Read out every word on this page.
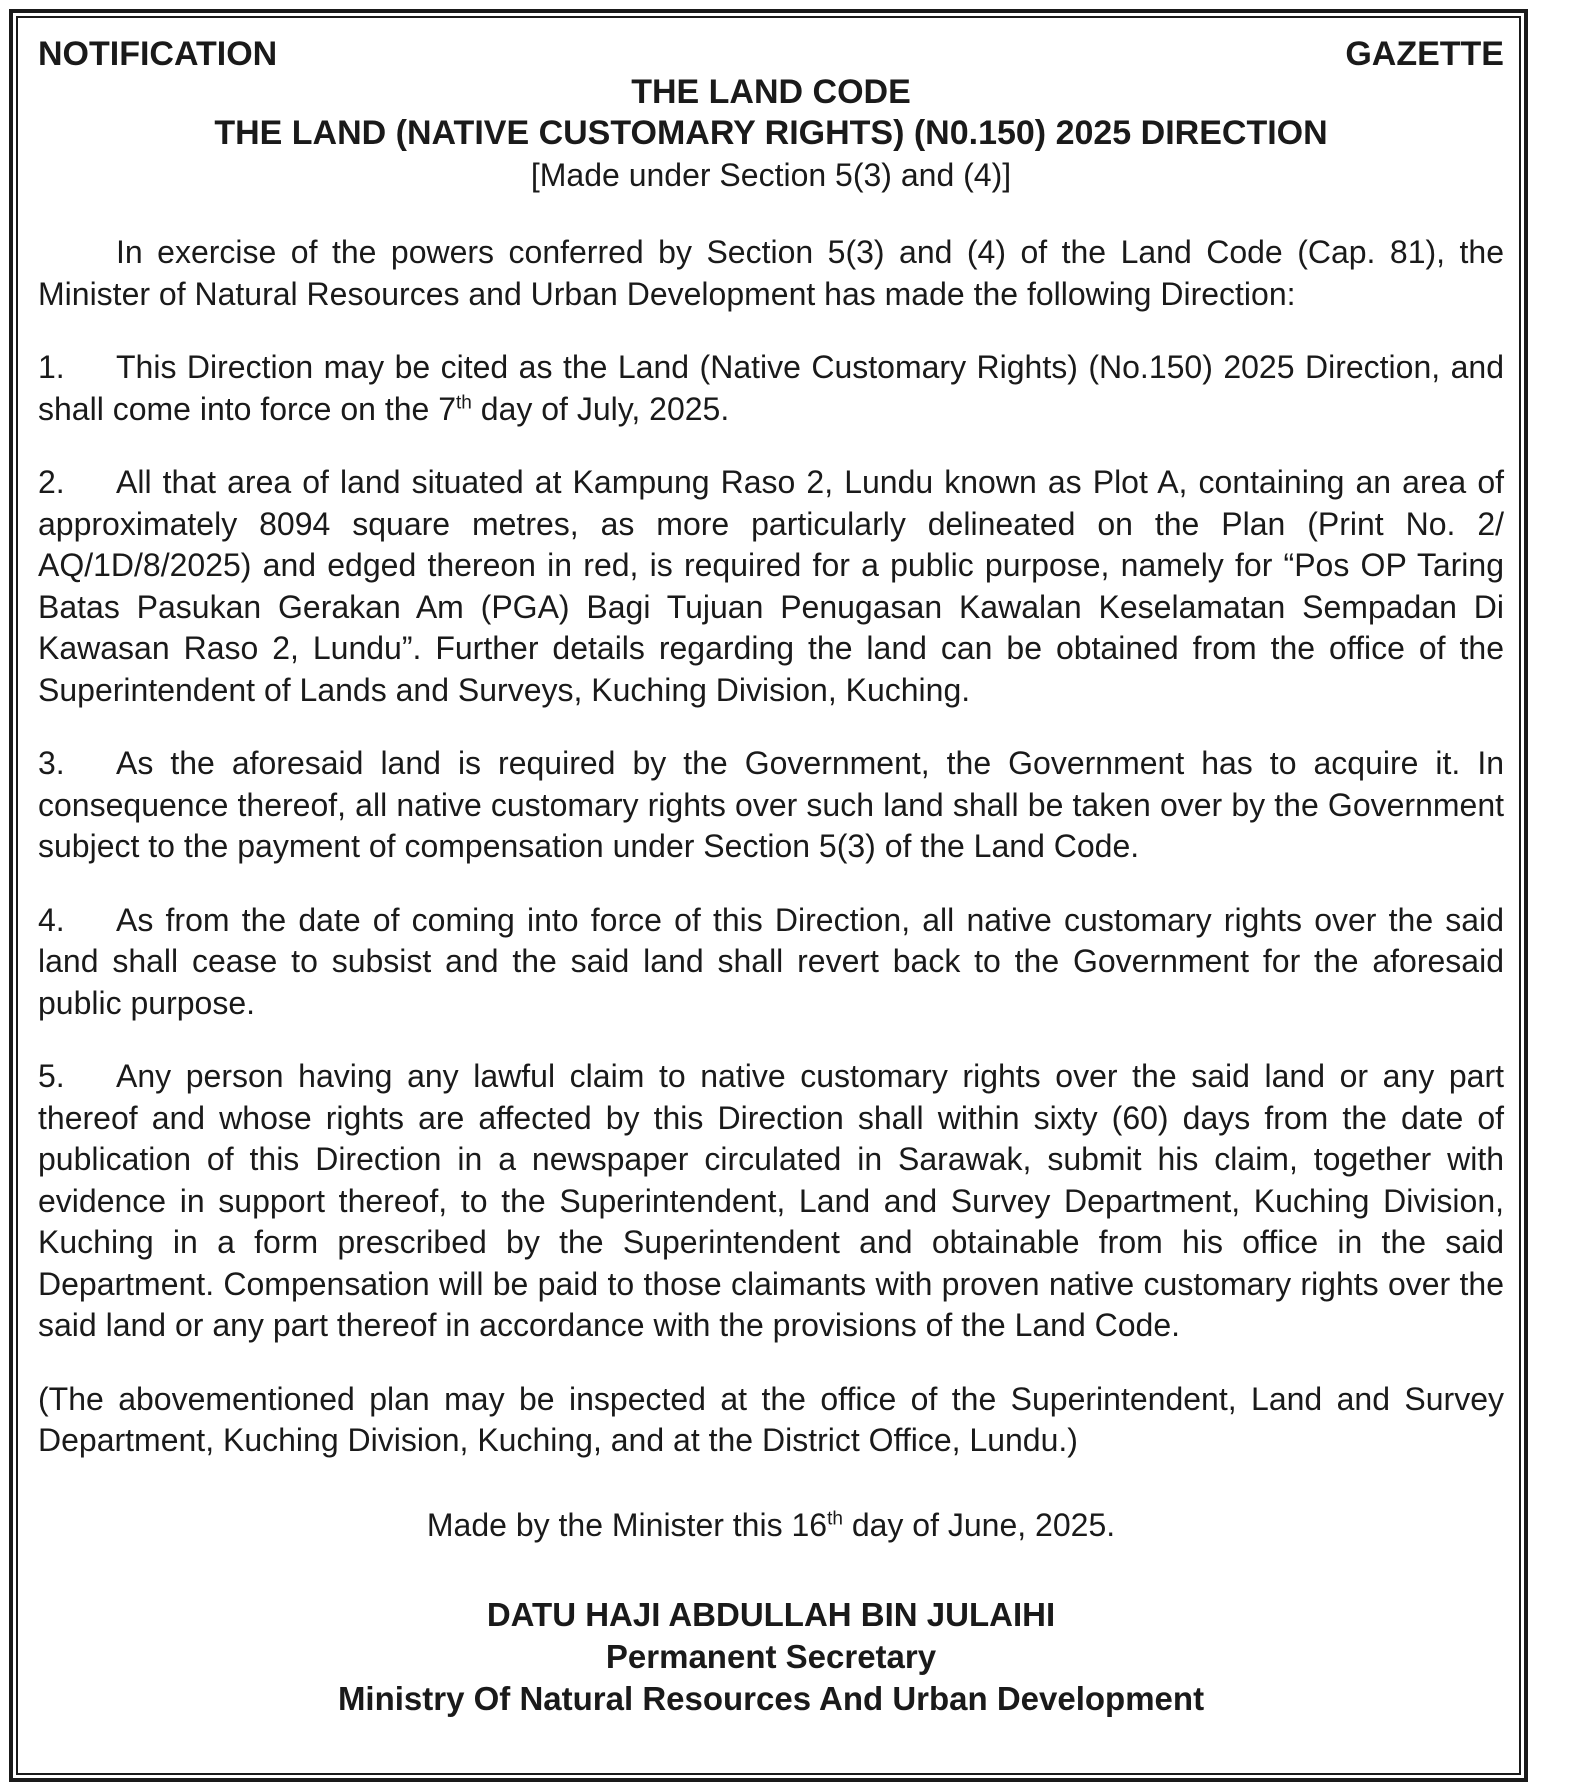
NOTIFICATION	GAZETTE
THE LAND CODE
THE LAND (NATIVE CUSTOMARY RIGHTS) (N0.150) 2025 DIRECTION
[Made under Section 5(3) and (4)]

In exercise of the powers conferred by Section 5(3) and (4) of the Land Code (Cap. 81), the Minister of Natural Resources and Urban Development has made the following Direction:

1. This Direction may be cited as the Land (Native Customary Rights) (No.150) 2025 Direction, and shall come into force on the 7th day of July, 2025.

2. All that area of land situated at Kampung Raso 2, Lundu known as Plot A, containing an area of approximately 8094 square metres, as more particularly delineated on the Plan (Print No. 2/ AQ/1D/8/2025) and edged thereon in red, is required for a public purpose, namely for “Pos OP Taring Batas Pasukan Gerakan Am (PGA) Bagi Tujuan Penugasan Kawalan Keselamatan Sempadan Di Kawasan Raso 2, Lundu”. Further details regarding the land can be obtained from the office of the Superintendent of Lands and Surveys, Kuching Division, Kuching.

3. As the aforesaid land is required by the Government, the Government has to acquire it. In consequence thereof, all native customary rights over such land shall be taken over by the Government subject to the payment of compensation under Section 5(3) of the Land Code.

4. As from the date of coming into force of this Direction, all native customary rights over the said land shall cease to subsist and the said land shall revert back to the Government for the aforesaid public purpose.

5. Any person having any lawful claim to native customary rights over the said land or any part thereof and whose rights are affected by this Direction shall within sixty (60) days from the date of publication of this Direction in a newspaper circulated in Sarawak, submit his claim, together with evidence in support thereof, to the Superintendent, Land and Survey Department, Kuching Division, Kuching in a form prescribed by the Superintendent and obtainable from his office in the said Department. Compensation will be paid to those claimants with proven native customary rights over the said land or any part thereof in accordance with the provisions of the Land Code.

(The abovementioned plan may be inspected at the office of the Superintendent, Land and Survey Department, Kuching Division, Kuching, and at the District Office, Lundu.)

Made by the Minister this 16th day of June, 2025.
DATU HAJI ABDULLAH BIN JULAIHI
Permanent Secretary
Ministry Of Natural Resources And Urban Development
